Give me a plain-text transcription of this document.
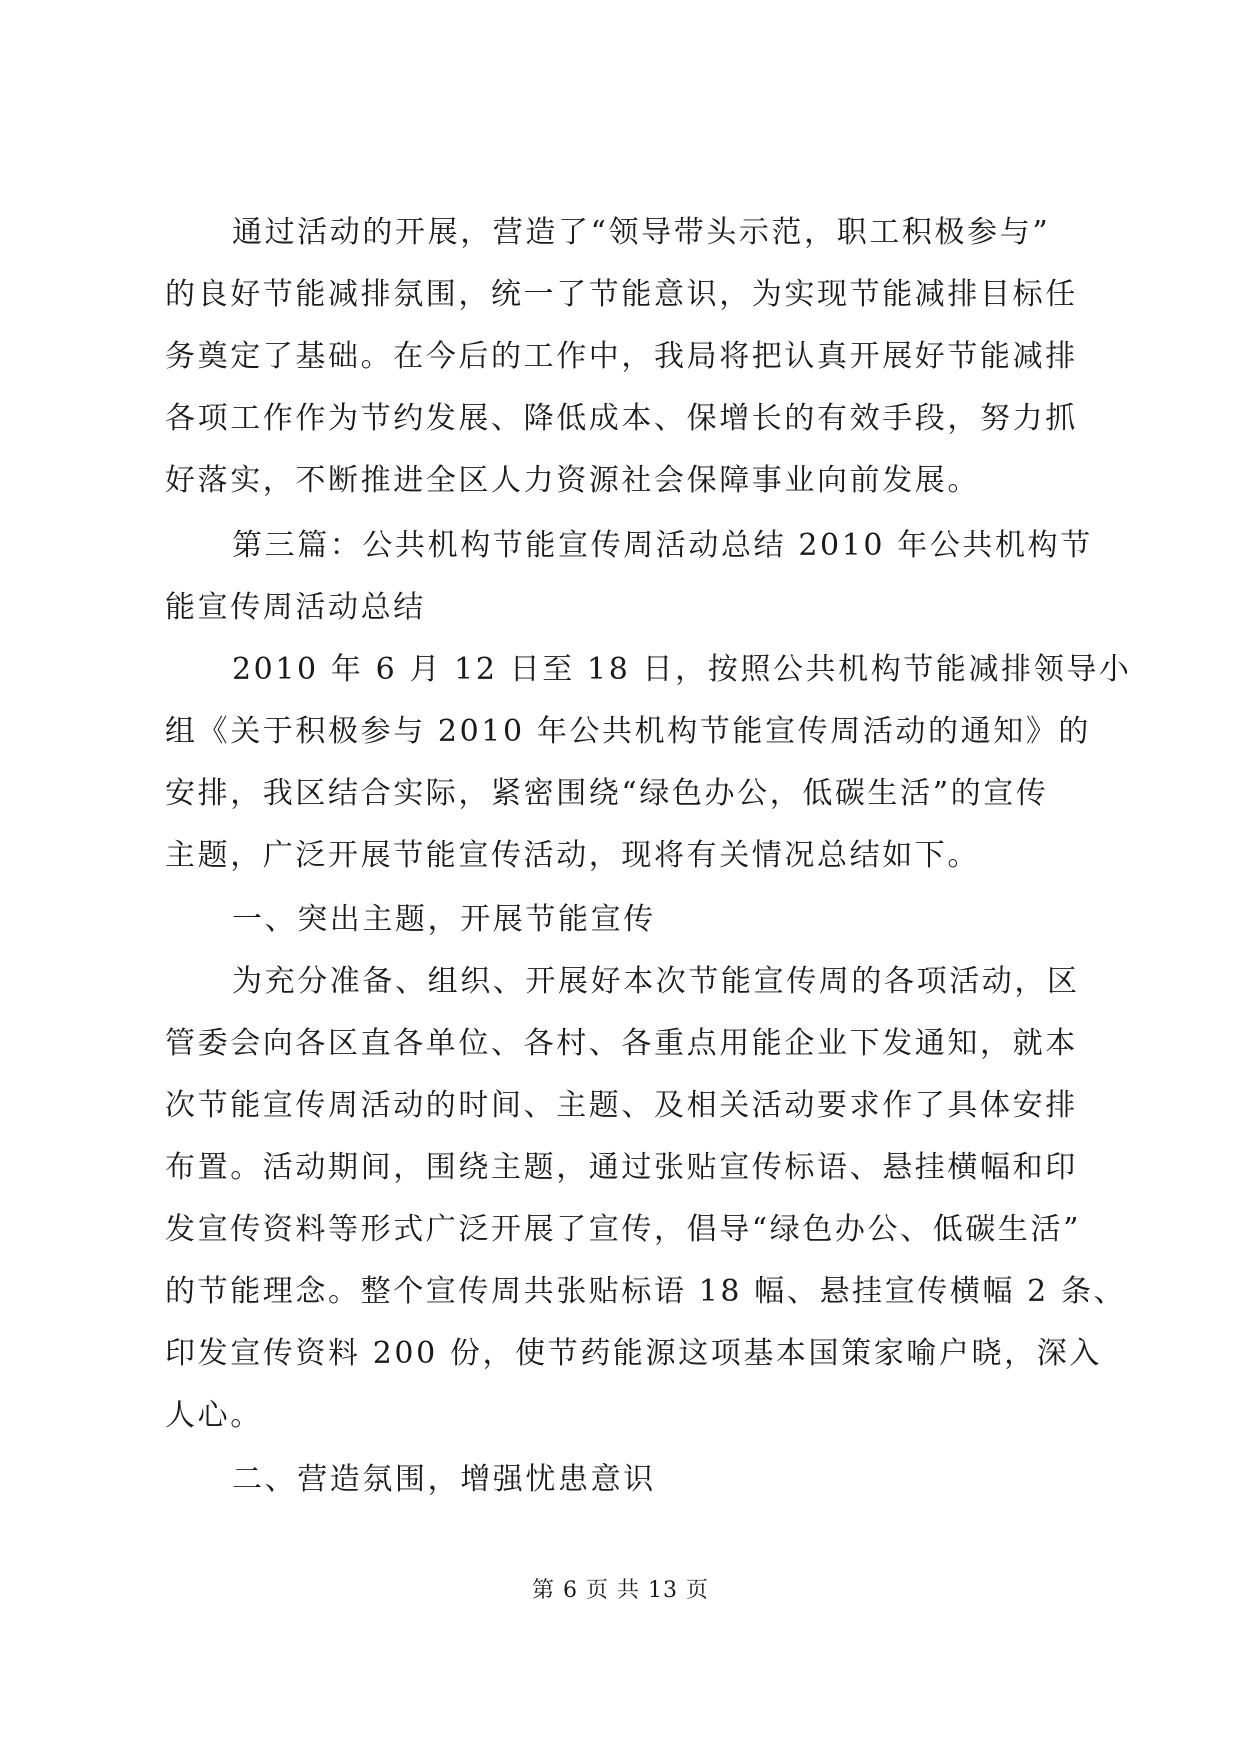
通过活动的开展，营造了“领导带头示范，职工积极参与”
的良好节能减排氛围，统一了节能意识，为实现节能减排目标任
务奠定了基础。在今后的工作中，我局将把认真开展好节能减排
各项工作作为节约发展、降低成本、保增长的有效手段，努力抓
好落实，不断推进全区人力资源社会保障事业向前发展。
第三篇：公共机构节能宣传周活动总结 2010 年公共机构节
能宣传周活动总结
2010 年 6 月 12 日至 18 日，按照公共机构节能减排领导小
组《关于积极参与 2010 年公共机构节能宣传周活动的通知》的
安排，我区结合实际，紧密围绕“绿色办公，低碳生活”的宣传
主题，广泛开展节能宣传活动，现将有关情况总结如下。
一、突出主题，开展节能宣传
为充分准备、组织、开展好本次节能宣传周的各项活动，区
管委会向各区直各单位、各村、各重点用能企业下发通知，就本
次节能宣传周活动的时间、主题、及相关活动要求作了具体安排
布置。活动期间，围绕主题，通过张贴宣传标语、悬挂横幅和印
发宣传资料等形式广泛开展了宣传，倡导“绿色办公、低碳生活”
的节能理念。整个宣传周共张贴标语 18 幅、悬挂宣传横幅 2 条、
印发宣传资料 200 份，使节药能源这项基本国策家喻户晓，深入
人心。
二、营造氛围，增强忧患意识
第 6 页 共 13 页
